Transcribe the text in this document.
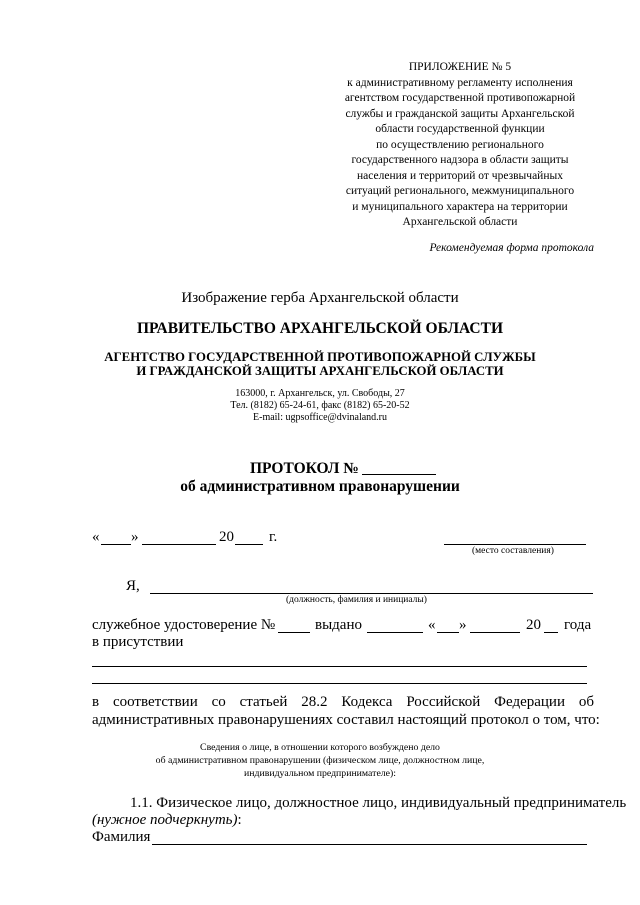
ПРИЛОЖЕНИЕ № 5
к административному регламенту исполнения
агентством государственной противопожарной
службы и гражданской защиты Архангельской
области государственной функции
по осуществлению регионального
государственного надзора в области защиты
населения и территорий от чрезвычайных
ситуаций регионального, межмуниципального
и муниципального характера на территории
Архангельской области
Рекомендуемая форма протокола
Изображение герба Архангельской области
ПРАВИТЕЛЬСТВО АРХАНГЕЛЬСКОЙ ОБЛАСТИ
АГЕНТСТВО ГОСУДАРСТВЕННОЙ ПРОТИВОПОЖАРНОЙ СЛУЖБЫ
И ГРАЖДАНСКОЙ ЗАЩИТЫ АРХАНГЕЛЬСКОЙ ОБЛАСТИ
163000, г. Архангельск, ул. Свободы, 27
Тел. (8182) 65-24-61, факс (8182) 65-20-52
E-mail: ugpsoffice@dvinaland.ru
ПРОТОКОЛ №
об административном правонарушении
« »	20 г.
(место составления)
Я,
(должность, фамилия и инициалы)
служебное удостоверение №	выдано	« »	20 года
в присутствии
в соответствии со статьей 28.2 Кодекса Российской Федерации об
административных правонарушениях составил настоящий протокол о том, что:
Сведения о лице, в отношении которого возбуждено дело
об административном правонарушении (физическом лице, должностном лице,
индивидуальном предпринимателе):
1.1. Физическое лицо, должностное лицо, индивидуальный предприниматель
(нужное подчеркнуть):
Фамилия
